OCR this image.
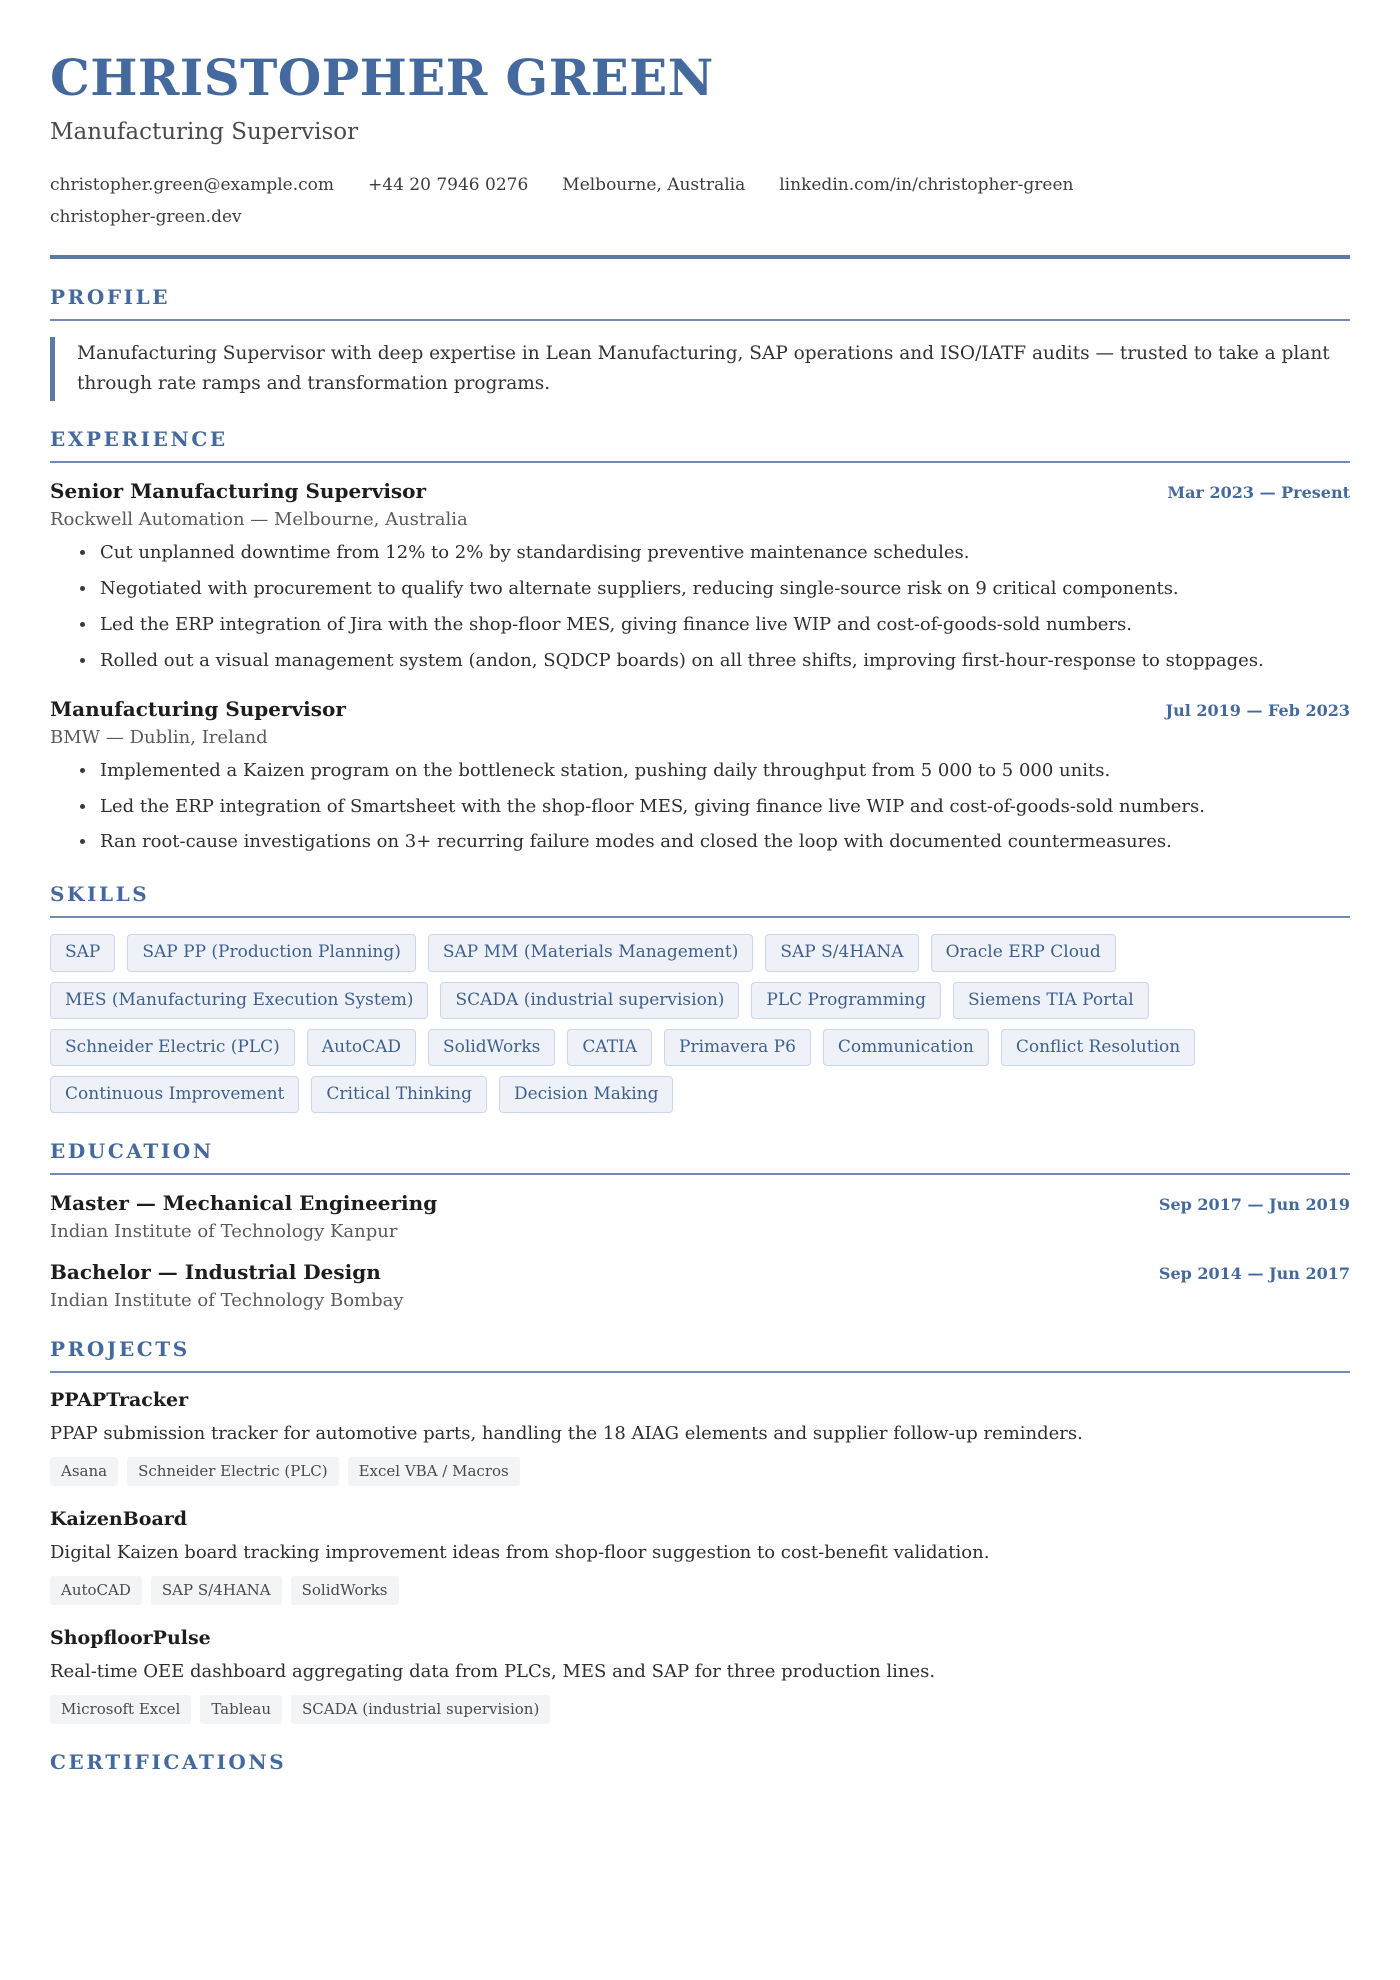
CHRISTOPHER GREEN
Manufacturing Supervisor
christopher.green@example.com +44 20 7946 0276 Melbourne, Australia linkedin.com/in/christopher-green
christopher-green.dev
PROFILE
Manufacturing Supervisor with deep expertise in Lean Manufacturing, SAP operations and ISO/IATF audits — trusted to take a plant through rate ramps and transformation programs.
EXPERIENCE
Senior Manufacturing Supervisor	Mar 2023 — Present
Rockwell Automation — Melbourne, Australia
Cut unplanned downtime from 12% to 2% by standardising preventive maintenance schedules.
Negotiated with procurement to qualify two alternate suppliers, reducing single-source risk on 9 critical components.
Led the ERP integration of Jira with the shop-floor MES, giving finance live WIP and cost-of-goods-sold numbers.
Rolled out a visual management system (andon, SQDCP boards) on all three shifts, improving first-hour-response to stoppages.
Manufacturing Supervisor	Jul 2019 — Feb 2023
BMW — Dublin, Ireland
Implemented a Kaizen program on the bottleneck station, pushing daily throughput from 5 000 to 5 000 units.
Led the ERP integration of Smartsheet with the shop-floor MES, giving finance live WIP and cost-of-goods-sold numbers.
Ran root-cause investigations on 3+ recurring failure modes and closed the loop with documented countermeasures.
SKILLS
SAP	SAP PP (Production Planning)	SAP MM (Materials Management)	SAP S/4HANA	Oracle ERP Cloud
MES (Manufacturing Execution System)	SCADA (industrial supervision)	PLC Programming	Siemens TIA Portal
Schneider Electric (PLC)	AutoCAD	SolidWorks	CATIA	Primavera P6	Communication	Conflict Resolution
Continuous Improvement	Critical Thinking	Decision Making
EDUCATION
Master — Mechanical Engineering	Sep 2017 — Jun 2019
Indian Institute of Technology Kanpur
Bachelor — Industrial Design	Sep 2014 — Jun 2017
Indian Institute of Technology Bombay
PROJECTS
PPAPTracker
PPAP submission tracker for automotive parts, handling the 18 AIAG elements and supplier follow-up reminders.
Asana	Schneider Electric (PLC)	Excel VBA / Macros
KaizenBoard
Digital Kaizen board tracking improvement ideas from shop-floor suggestion to cost-benefit validation.
AutoCAD	SAP S/4HANA	SolidWorks
ShopfloorPulse
Real-time OEE dashboard aggregating data from PLCs, MES and SAP for three production lines.
Microsoft Excel	Tableau	SCADA (industrial supervision)
CERTIFICATIONS
